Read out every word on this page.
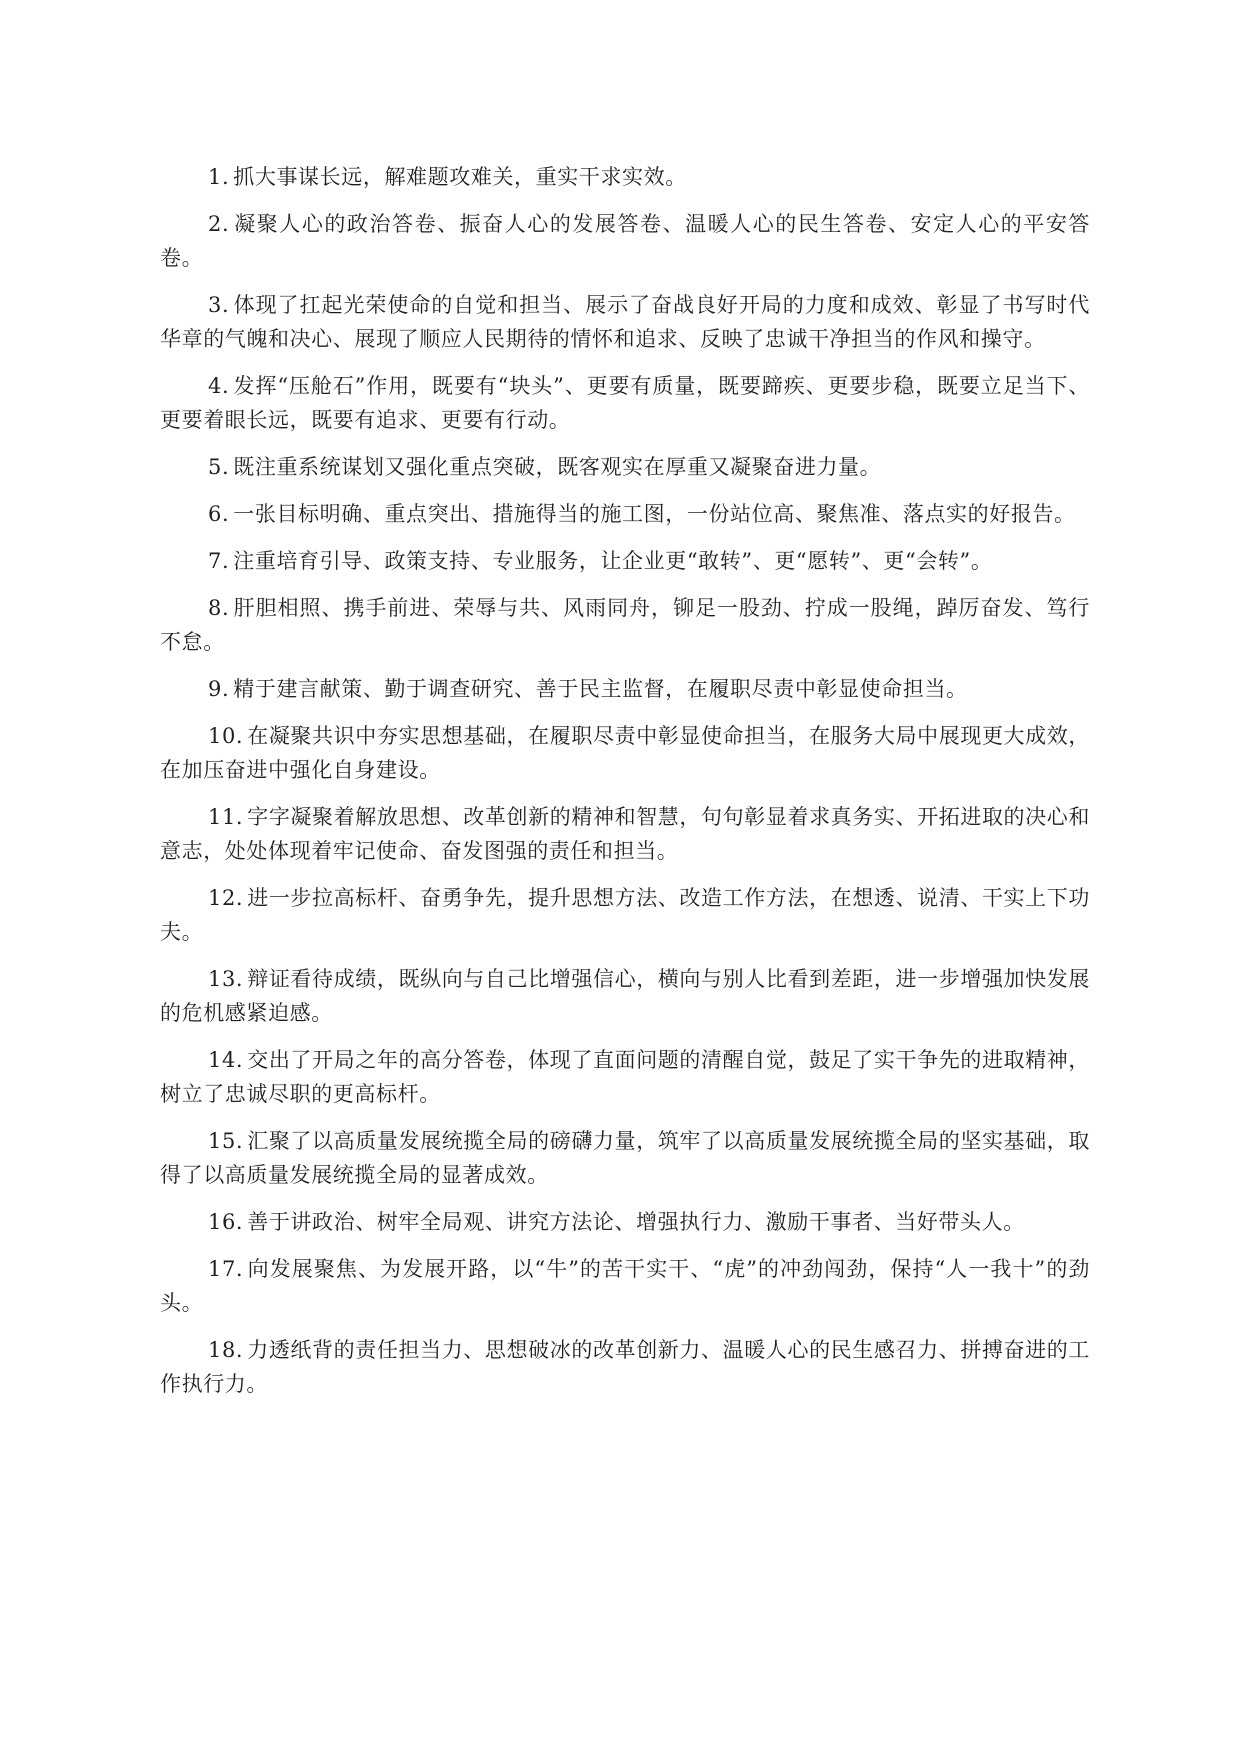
1. 抓大事谋长远，解难题攻难关，重实干求实效。

2. 凝聚人心的政治答卷、振奋人心的发展答卷、温暖人心的民生答卷、安定人心的平安答卷。

3. 体现了扛起光荣使命的自觉和担当、展示了奋战良好开局的力度和成效、彰显了书写时代华章的气魄和决心、展现了顺应人民期待的情怀和追求、反映了忠诚干净担当的作风和操守。

4. 发挥“压舱石”作用，既要有“块头”、更要有质量，既要蹄疾、更要步稳，既要立足当下、更要着眼长远，既要有追求、更要有行动。

5. 既注重系统谋划又强化重点突破，既客观实在厚重又凝聚奋进力量。

6. 一张目标明确、重点突出、措施得当的施工图，一份站位高、聚焦准、落点实的好报告。

7. 注重培育引导、政策支持、专业服务，让企业更“敢转”、更“愿转”、更“会转”。

8. 肝胆相照、携手前进、荣辱与共、风雨同舟，铆足一股劲、拧成一股绳，踔厉奋发、笃行不怠。

9. 精于建言献策、勤于调查研究、善于民主监督，在履职尽责中彰显使命担当。

10. 在凝聚共识中夯实思想基础，在履职尽责中彰显使命担当，在服务大局中展现更大成效，在加压奋进中强化自身建设。

11. 字字凝聚着解放思想、改革创新的精神和智慧，句句彰显着求真务实、开拓进取的决心和意志，处处体现着牢记使命、奋发图强的责任和担当。

12. 进一步拉高标杆、奋勇争先，提升思想方法、改造工作方法，在想透、说清、干实上下功夫。

13. 辩证看待成绩，既纵向与自己比增强信心，横向与别人比看到差距，进一步增强加快发展的危机感紧迫感。

14. 交出了开局之年的高分答卷，体现了直面问题的清醒自觉，鼓足了实干争先的进取精神，树立了忠诚尽职的更高标杆。

15. 汇聚了以高质量发展统揽全局的磅礴力量，筑牢了以高质量发展统揽全局的坚实基础，取得了以高质量发展统揽全局的显著成效。

16. 善于讲政治、树牢全局观、讲究方法论、增强执行力、激励干事者、当好带头人。

17. 向发展聚焦、为发展开路，以“牛”的苦干实干、“虎”的冲劲闯劲，保持“人一我十”的劲头。

18. 力透纸背的责任担当力、思想破冰的改革创新力、温暖人心的民生感召力、拼搏奋进的工作执行力。
